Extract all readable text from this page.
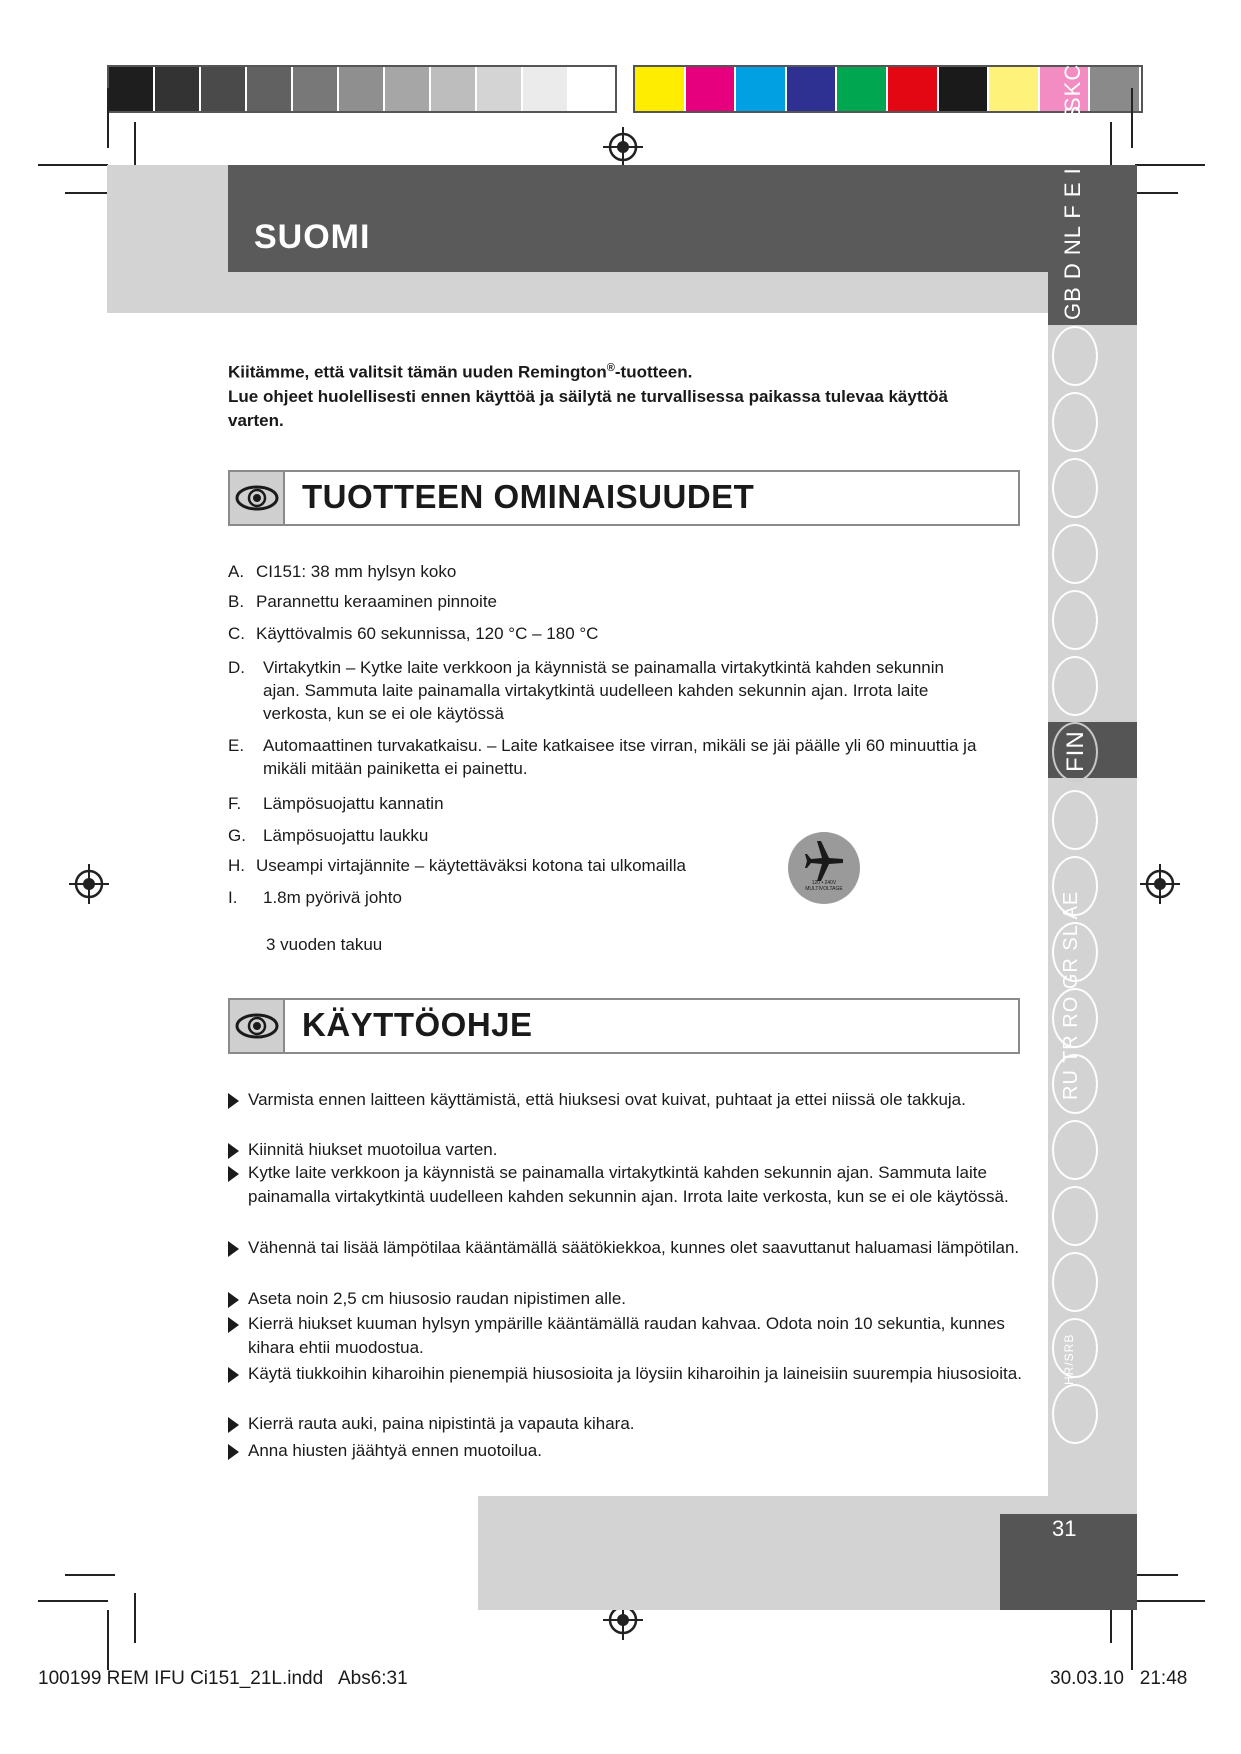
SUOMI	GB D NL F E I DK S
SKC
FIN
RU TR RO GR SL AE
HR/SRB
31
Kiitämme, että valitsit tämän uuden Remington®-tuotteen.
Lue ohjeet huolellisesti ennen käyttöä ja säilytä ne turvallisessa paikassa tulevaa käyttöä varten.
TUOTTEEN OMINAISUUDET
A. CI151: 38 mm hylsyn koko
B. Parannettu keraaminen pinnoite
C. Käyttövalmis 60 sekunnissa, 120 °C – 180 °C
D. Virtakytkin – Kytke laite verkkoon ja käynnistä se painamalla virtakytkintä kahden sekunnin ajan. Sammuta laite painamalla virtakytkintä uudelleen kahden sekunnin ajan. Irrota laite verkosta, kun se ei ole käytössä
E. Automaattinen turvakatkaisu. – Laite katkaisee itse virran, mikäli se jäi päälle yli 60 minuuttia ja mikäli mitään painiketta ei painettu.
F. Lämpösuojattu kannatin
G. Lämpösuojattu laukku
H. Useampi virtajännite – käytettäväksi kotona tai ulkomailla
I. 1.8m pyörivä johto
3 vuoden takuu
120 • 240V MULTIVOLTAGE
KÄYTTÖOHJE
Varmista ennen laitteen käyttämistä, että hiuksesi ovat kuivat, puhtaat ja ettei niissä ole takkuja.
Kiinnitä hiukset muotoilua varten.
Kytke laite verkkoon ja käynnistä se painamalla virtakytkintä kahden sekunnin ajan. Sammuta laite painamalla virtakytkintä uudelleen kahden sekunnin ajan. Irrota laite verkosta, kun se ei ole käytössä.
Vähennä tai lisää lämpötilaa kääntämällä säätökiekkoa, kunnes olet saavuttanut haluamasi lämpötilan.
Aseta noin 2,5 cm hiusosio raudan nipistimen alle.
Kierrä hiukset kuuman hylsyn ympärille kääntämällä raudan kahvaa. Odota noin 10 sekuntia, kunnes kihara ehtii muodostua.
Käytä tiukkoihin kiharoihin pienempiä hiusosioita ja löysiin kiharoihin ja laineisiin suurempia hiusosioita.
Kierrä rauta auki, paina nipistintä ja vapauta kihara.
Anna hiusten jäähtyä ennen muotoilua.
100199 REM IFU Ci151_21L.indd   Abs6:31	30.03.10   21:48
